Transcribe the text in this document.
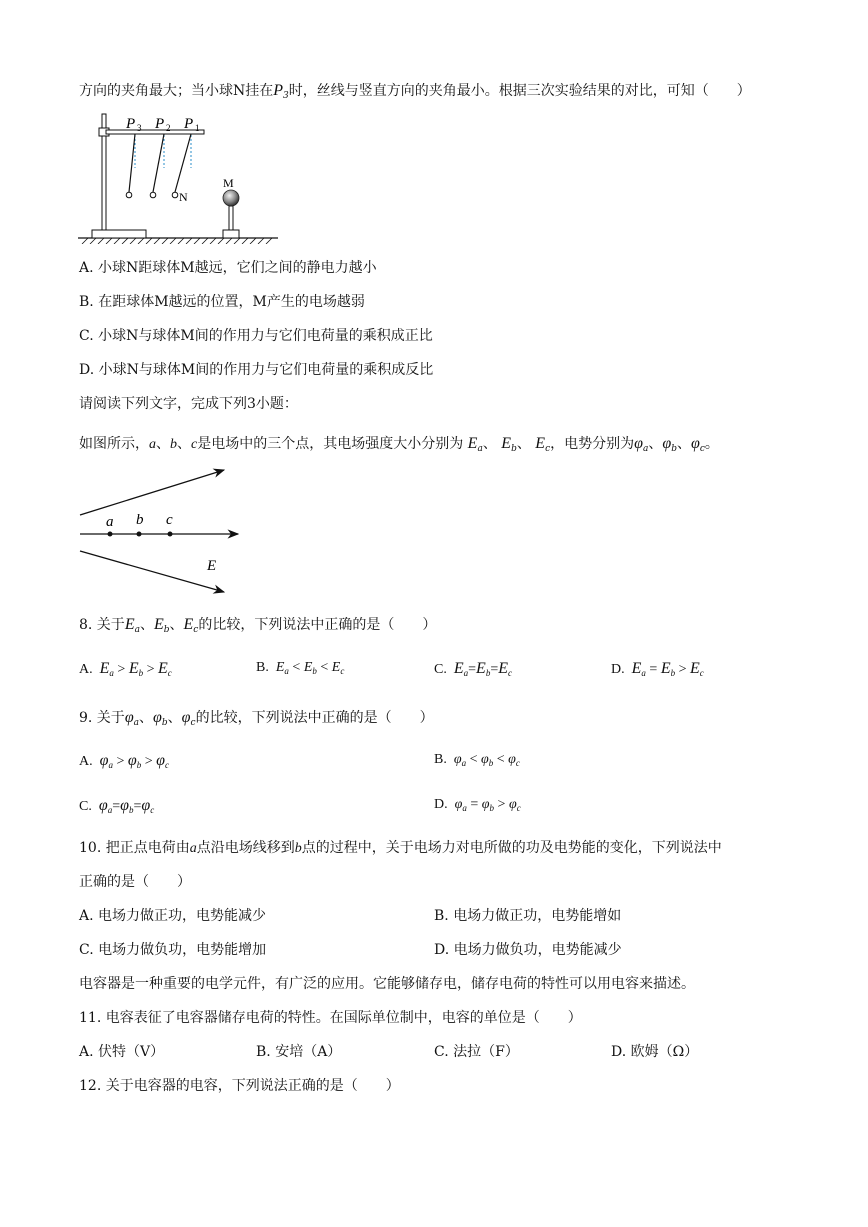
方向的夹角最大；当小球N挂在$P_3$时，丝线与竖直方向的夹角最小。根据三次实验结果的对比，可知（　　）
P 3 P 2 P 1
N
M
A. 小球N距球体M越远，它们之间的静电力越小
B. 在距球体M越远的位置，M产生的电场越弱
C. 小球N与球体M间的作用力与它们电荷量的乘积成正比
D. 小球N与球体M间的作用力与它们电荷量的乘积成反比
请阅读下列文字，完成下列3小题：
如图所示，a、b、c是电场中的三个点，其电场强度大小分别为 $E_a$、 $E_b$、 $E_c$，电势分别为$\varphi_a$、$\varphi_b$、$\varphi_c$。
a b c
E
8. 关于$E_a$、$E_b$、$E_c$的比较，下列说法中正确的是（　　）
A. $E_a > E_b > E_c$	B. $E_a < E_b < E_c$	C. $E_a=E_b=E_c$	D. $E_a = E_b > E_c$
9. 关于$\varphi_a$、$\varphi_b$、$\varphi_c$的比较，下列说法中正确的是（　　）
A. $\varphi_a > \varphi_b > \varphi_c$	B. $\varphi_a < \varphi_b < \varphi_c$
C. $\varphi_a=\varphi_b=\varphi_c$	D. $\varphi_a = \varphi_b > \varphi_c$
10. 把正点电荷由a点沿电场线移到b点的过程中，关于电场力对电所做的功及电势能的变化，下列说法中
正确的是（　　）
A. 电场力做正功，电势能减少	B. 电场力做正功，电势能增如
C. 电场力做负功，电势能增加	D. 电场力做负功，电势能减少
电容器是一种重要的电学元件，有广泛的应用。它能够储存电，储存电荷的特性可以用电容来描述。
11. 电容表征了电容器储存电荷的特性。在国际单位制中，电容的单位是（　　）
A. 伏特（V）	B. 安培（A）	C. 法拉（F）	D. 欧姆（Ω）
12. 关于电容器的电容，下列说法正确的是（　　）
